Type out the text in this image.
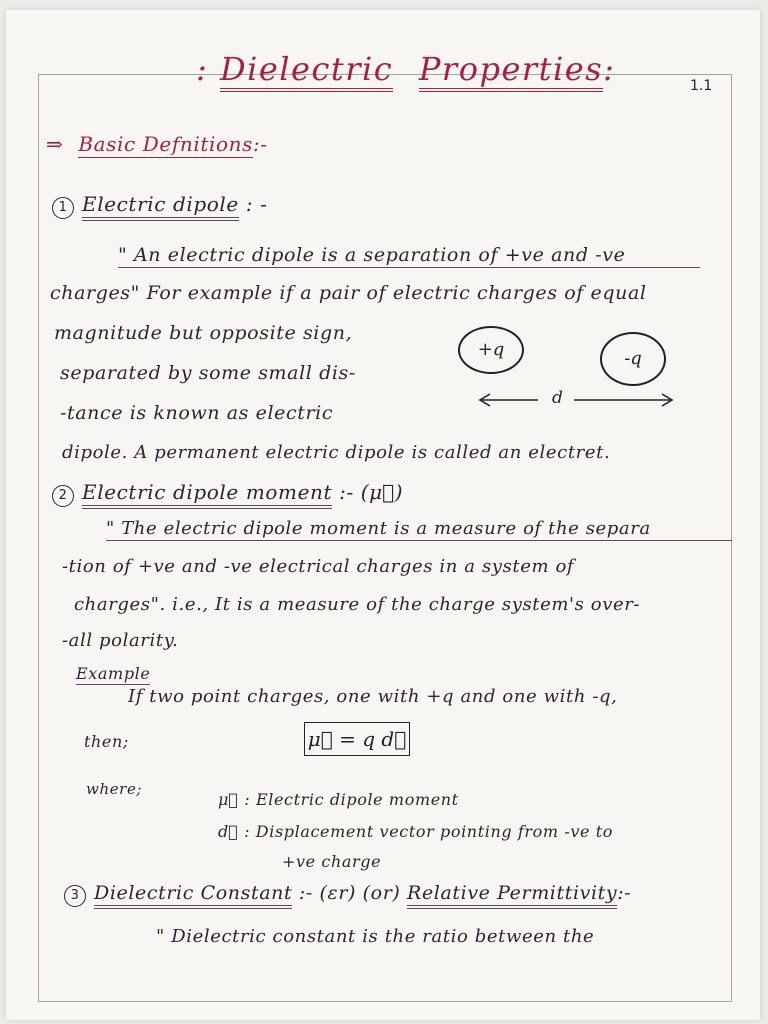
: Dielectric Properties:	1.1
⇒ Basic Defnitions:-
1 Electric dipole : -
" An electric dipole is a separation of +ve and -ve
charges" For example if a pair of electric charges of equal
magnitude but opposite sign,
separated by some small dis-
-tance is known as electric
dipole. A permanent electric dipole is called an electret.
+q	-q
d
2 Electric dipole moment :- (μ⃗)
" The electric dipole moment is a measure of the separa
-tion of +ve and -ve electrical charges in a system of
charges". i.e., It is a measure of the charge system's over-
-all polarity.
Example
If two point charges, one with +q and one with -q,
then;	μ⃗ = q d⃗
where;
μ⃗ : Electric dipole moment
d⃗ : Displacement vector pointing from -ve to
+ve charge
3 Dielectric Constant :- (εr) (or) Relative Permittivity:-
" Dielectric constant is the ratio between the
